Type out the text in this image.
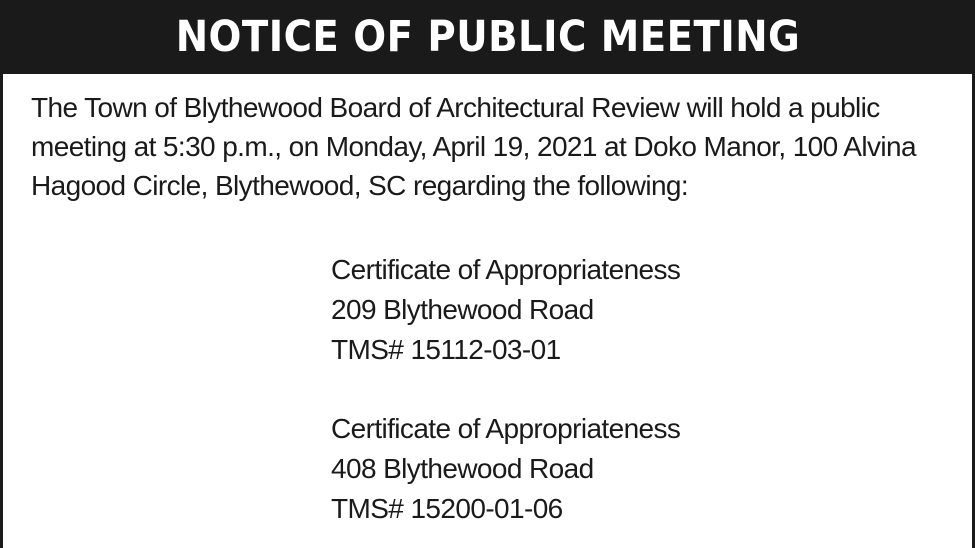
NOTICE OF PUBLIC MEETING

The Town of Blythewood Board of Architectural Review will hold a public meeting at 5:30 p.m., on Monday, April 19, 2021 at Doko Manor, 100 Alvina Hagood Circle, Blythewood, SC regarding the following:

Certificate of Appropriateness
209 Blythewood Road
TMS# 15112-03-01
Certificate of Appropriateness
408 Blythewood Road
TMS# 15200-01-06
